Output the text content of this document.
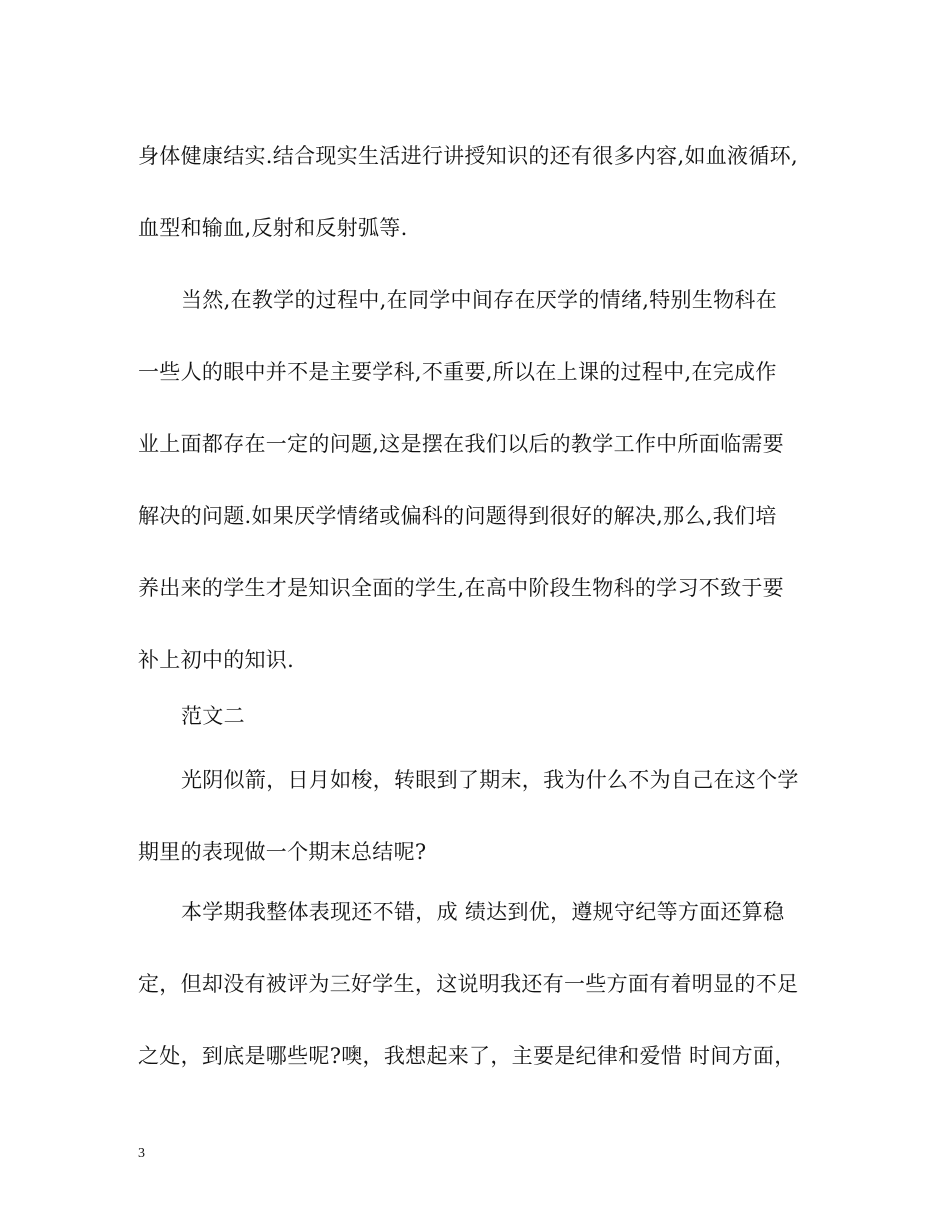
身体健康结实.结合现实生活进行讲授知识的还有很多内容,如血液循环,
血型和输血,反射和反射弧等.
当然,在教学的过程中,在同学中间存在厌学的情绪,特别生物科在
一些人的眼中并不是主要学科,不重要,所以在上课的过程中,在完成作
业上面都存在一定的问题,这是摆在我们以后的教学工作中所面临需要
解决的问题.如果厌学情绪或偏科的问题得到很好的解决,那么,我们培
养出来的学生才是知识全面的学生,在高中阶段生物科的学习不致于要
补上初中的知识.
范文二
光阴似箭，日月如梭，转眼到了期末，我为什么不为自己在这个学
期里的表现做一个期末总结呢?
本学期我整体表现还不错，成 绩达到优，遵规守纪等方面还算稳
定，但却没有被评为三好学生，这说明我还有一些方面有着明显的不足
之处，到底是哪些呢?噢，我想起来了，主要是纪律和爱惜 时间方面，
3
